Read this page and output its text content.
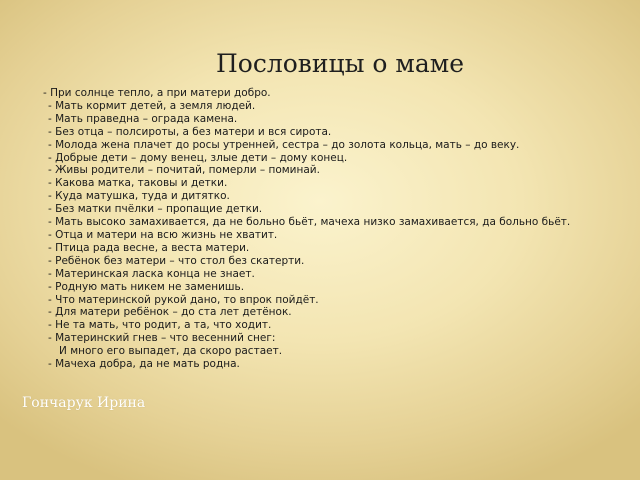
Пословицы о маме
- При солнце тепло, а при матери добро.
- Мать кормит детей, а земля людей.
- Мать праведна – ограда камена.
- Без отца – полсироты, а без матери и вся сирота.
- Молода жена плачет до росы утренней, сестра – до золота кольца, мать – до веку.
- Добрые дети – дому венец, злые дети – дому конец.
- Живы родители – почитай, померли – поминай.
- Какова матка, таковы и детки.
- Куда матушка, туда и дитятко.
- Без матки пчёлки – пропащие детки.
- Мать высоко замахивается, да не больно бьёт, мачеха низко замахивается, да больно бьёт.
- Отца и матери на всю жизнь не хватит.
- Птица рада весне, а веста матери.
- Ребёнок без матери – что стол без скатерти.
- Материнская ласка конца не знает.
- Родную мать никем не заменишь.
- Что материнской рукой дано, то впрок пойдёт.
- Для матери ребёнок – до ста лет детёнок.
- Не та мать, что родит, а та, что ходит.
- Материнский гнев – что весенний снег:
И много его выпадет, да скоро растает.
- Мачеха добра, да не мать родна.
Гончарук Ирина
